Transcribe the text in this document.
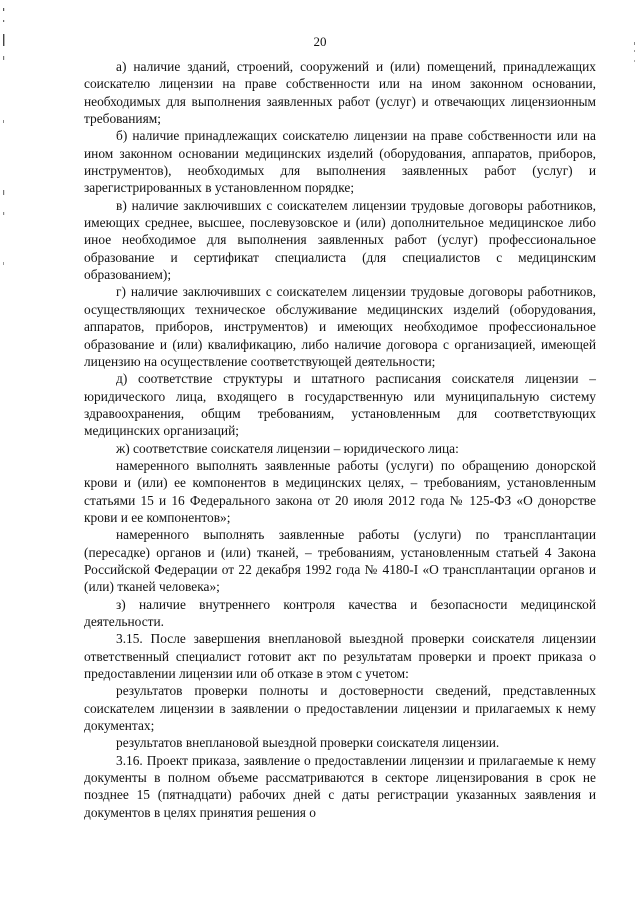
20

а) наличие зданий, строений, сооружений и (или) помещений, принадлежащих соискателю лицензии на праве собственности или на ином законном основании, необходимых для выполнения заявленных работ (услуг) и отвечающих лицензионным требованиям;

б) наличие принадлежащих соискателю лицензии на праве собственности или на ином законном основании медицинских изделий (оборудования, аппаратов, приборов, инструментов), необходимых для выполнения заявленных работ (услуг) и зарегистрированных в установленном порядке;

в) наличие заключивших с соискателем лицензии трудовые договоры работников, имеющих среднее, высшее, послевузовское и (или) дополнительное медицинское либо иное необходимое для выполнения заявленных работ (услуг) профессиональное образование и сертификат специалиста (для специалистов с медицинским образованием);

г) наличие заключивших с соискателем лицензии трудовые договоры работников, осуществляющих техническое обслуживание медицинских изделий (оборудования, аппаратов, приборов, инструментов) и имеющих необходимое профессиональное образование и (или) квалификацию, либо наличие договора с организацией, имеющей лицензию на осуществление соответствующей деятельности;

д) соответствие структуры и штатного расписания соискателя лицензии – юридического лица, входящего в государственную или муниципальную систему здравоохранения, общим требованиям, установленным для соответствующих медицинских организаций;

ж) соответствие соискателя лицензии – юридического лица:

намеренного выполнять заявленные работы (услуги) по обращению донорской крови и (или) ее компонентов в медицинских целях, – требованиям, установленным статьями 15 и 16 Федерального закона от 20 июля 2012 года № 125-ФЗ «О донорстве крови и ее компонентов»;

намеренного выполнять заявленные работы (услуги) по трансплантации (пересадке) органов и (или) тканей, – требованиям, установленным статьей 4 Закона Российской Федерации от 22 декабря 1992 года № 4180-I «О трансплантации органов и (или) тканей человека»;

з) наличие внутреннего контроля качества и безопасности медицинской деятельности.

3.15. После завершения внеплановой выездной проверки соискателя лицензии ответственный специалист готовит акт по результатам проверки и проект приказа о предоставлении лицензии или об отказе в этом с учетом:

результатов проверки полноты и достоверности сведений, представленных соискателем лицензии в заявлении о предоставлении лицензии и прилагаемых к нему документах;

результатов внеплановой выездной проверки соискателя лицензии.

3.16. Проект приказа, заявление о предоставлении лицензии и прилагаемые к нему документы в полном объеме рассматриваются в секторе лицензирования в срок не позднее 15 (пятнадцати) рабочих дней с даты регистрации указанных заявления и документов в целях принятия решения о
